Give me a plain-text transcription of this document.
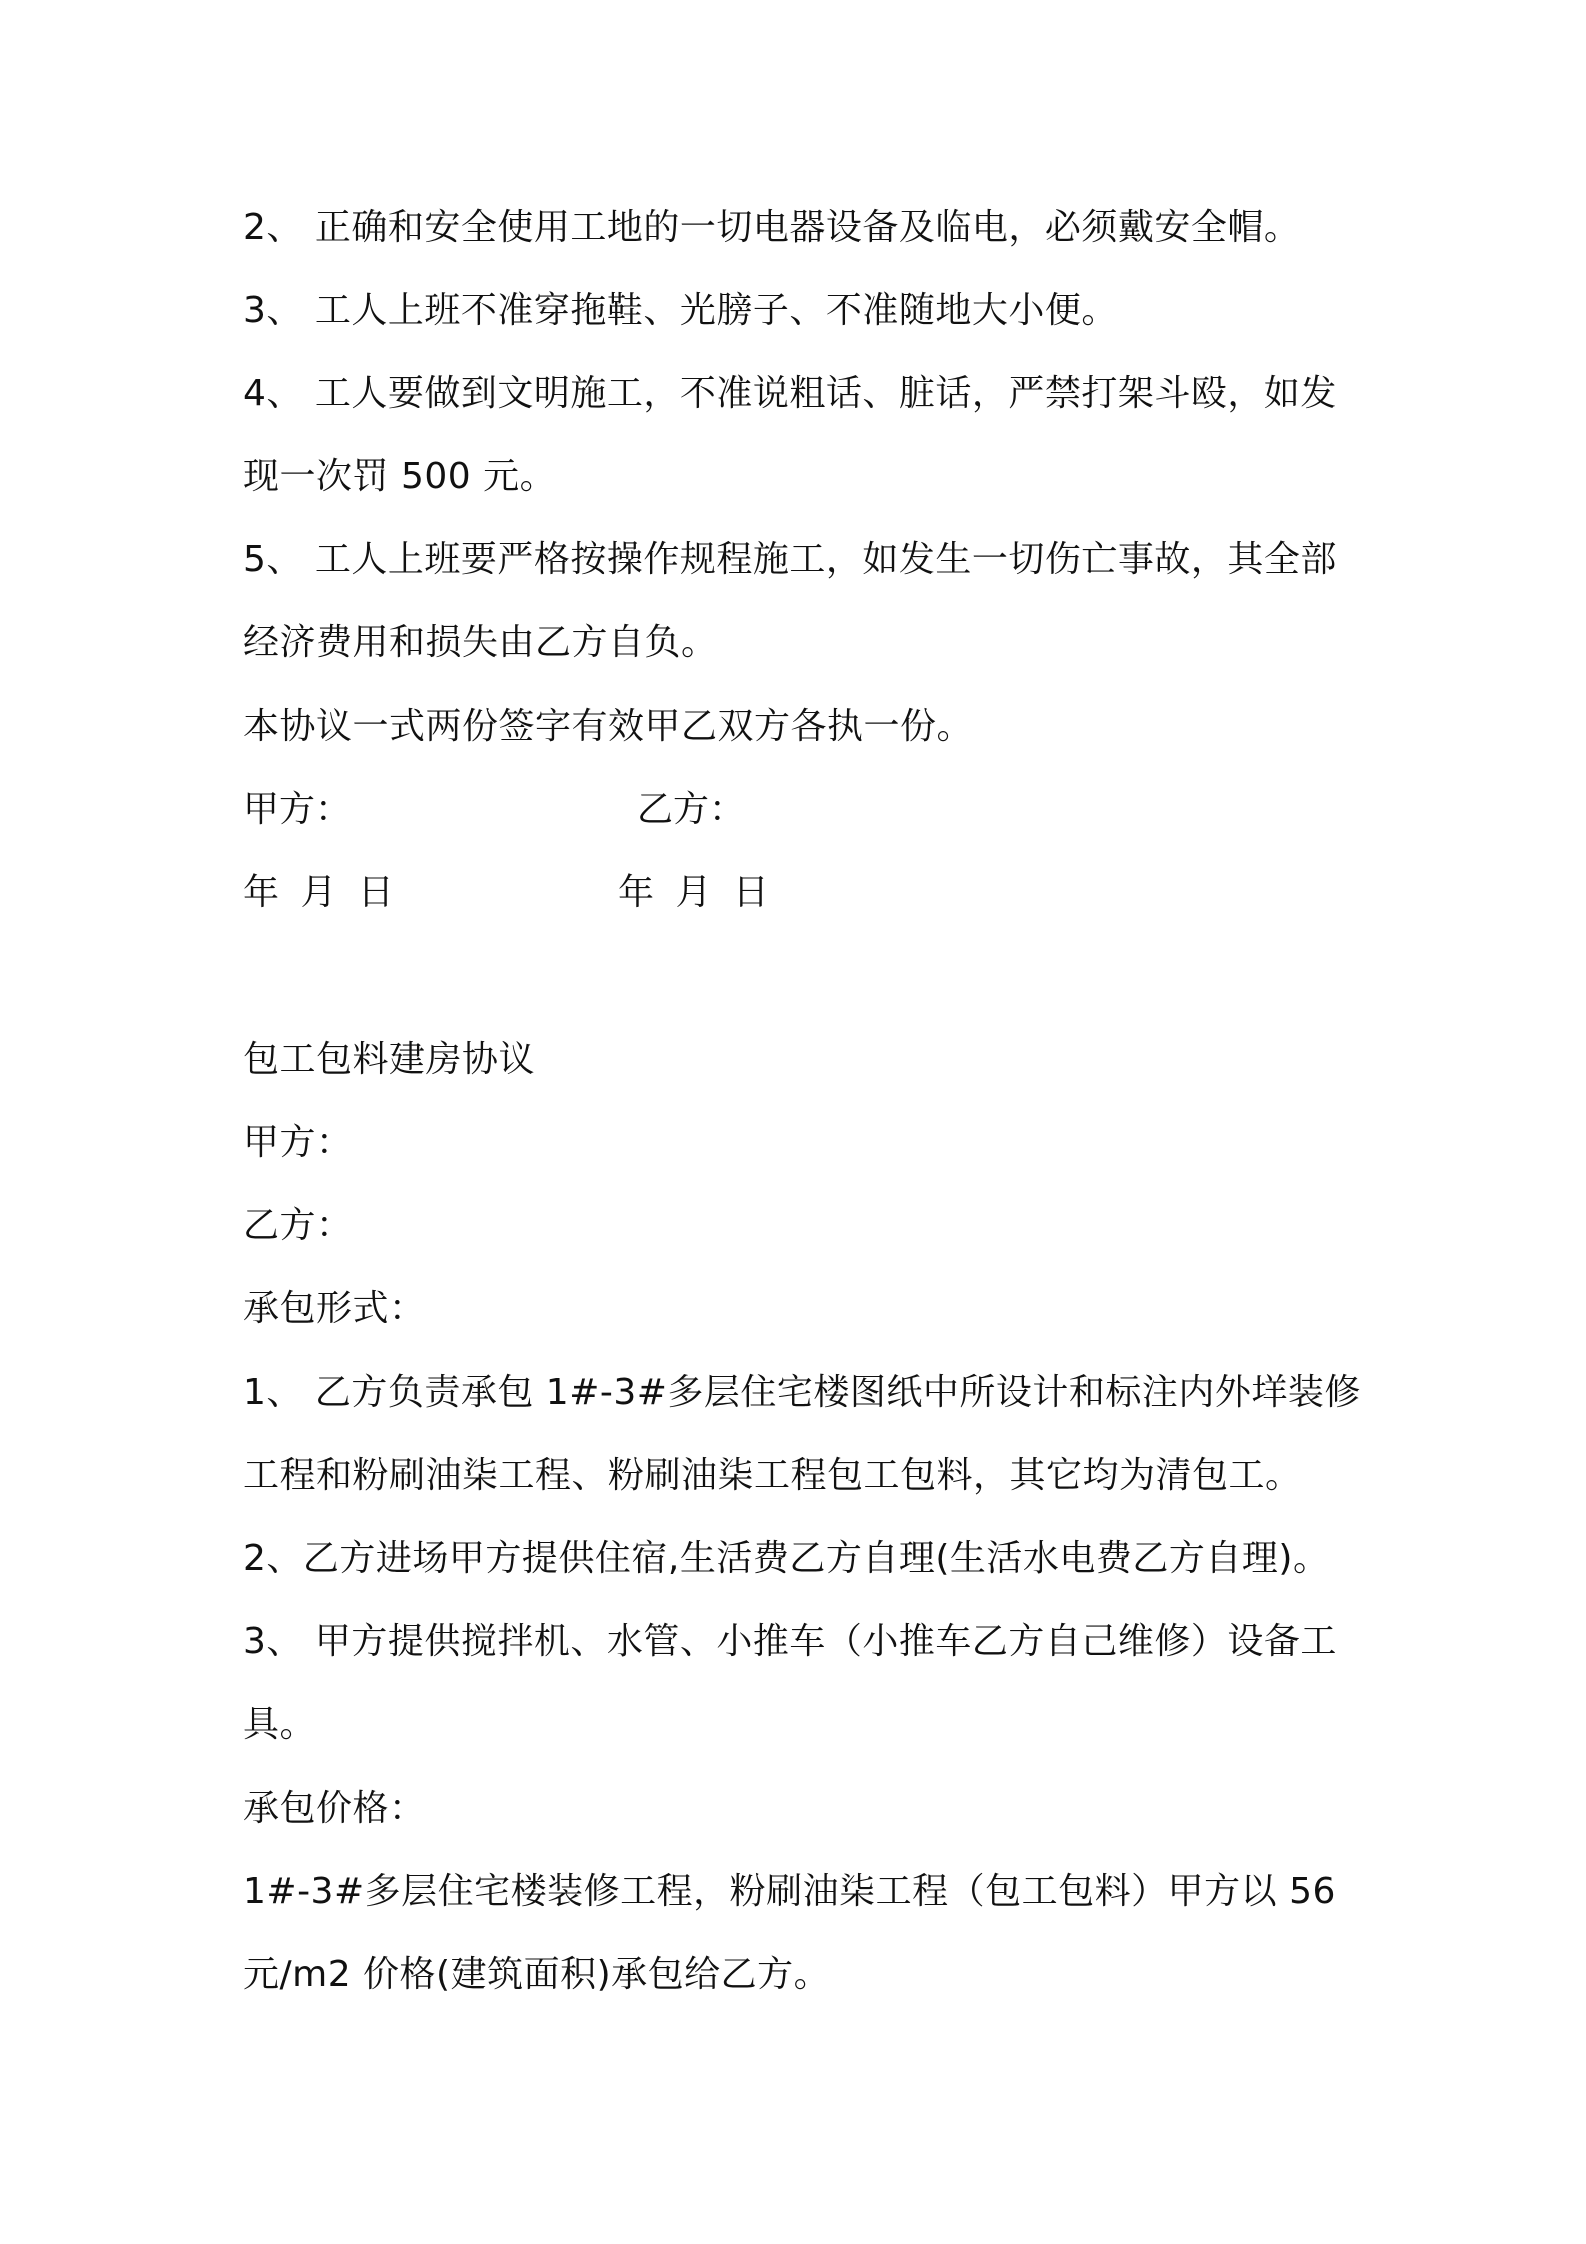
2、 正确和安全使用工地的一切电器设备及临电，必须戴安全帽。
3、 工人上班不准穿拖鞋、光膀子、不准随地大小便。
4、 工人要做到文明施工，不准说粗话、脏话，严禁打架斗殴，如发
现一次罚 500 元。
5、 工人上班要严格按操作规程施工，如发生一切伤亡事故，其全部
经济费用和损失由乙方自负。
本协议一式两份签字有效甲乙双方各执一份。
甲方：	乙方：
年 月 日	年 月 日
包工包料建房协议
甲方：
乙方：
承包形式：
1、 乙方负责承包 1#-3#多层住宅楼图纸中所设计和标注内外垟装修
工程和粉刷油柒工程、粉刷油柒工程包工包料，其它均为清包工。
2、乙方进场甲方提供住宿,生活费乙方自理(生活水电费乙方自理)。
3、 甲方提供搅拌机、水管、小推车（小推车乙方自己维修）设备工
具。
承包价格：
1#-3#多层住宅楼装修工程，粉刷油柒工程（包工包料）甲方以 56
元/m2 价格(建筑面积)承包给乙方。
